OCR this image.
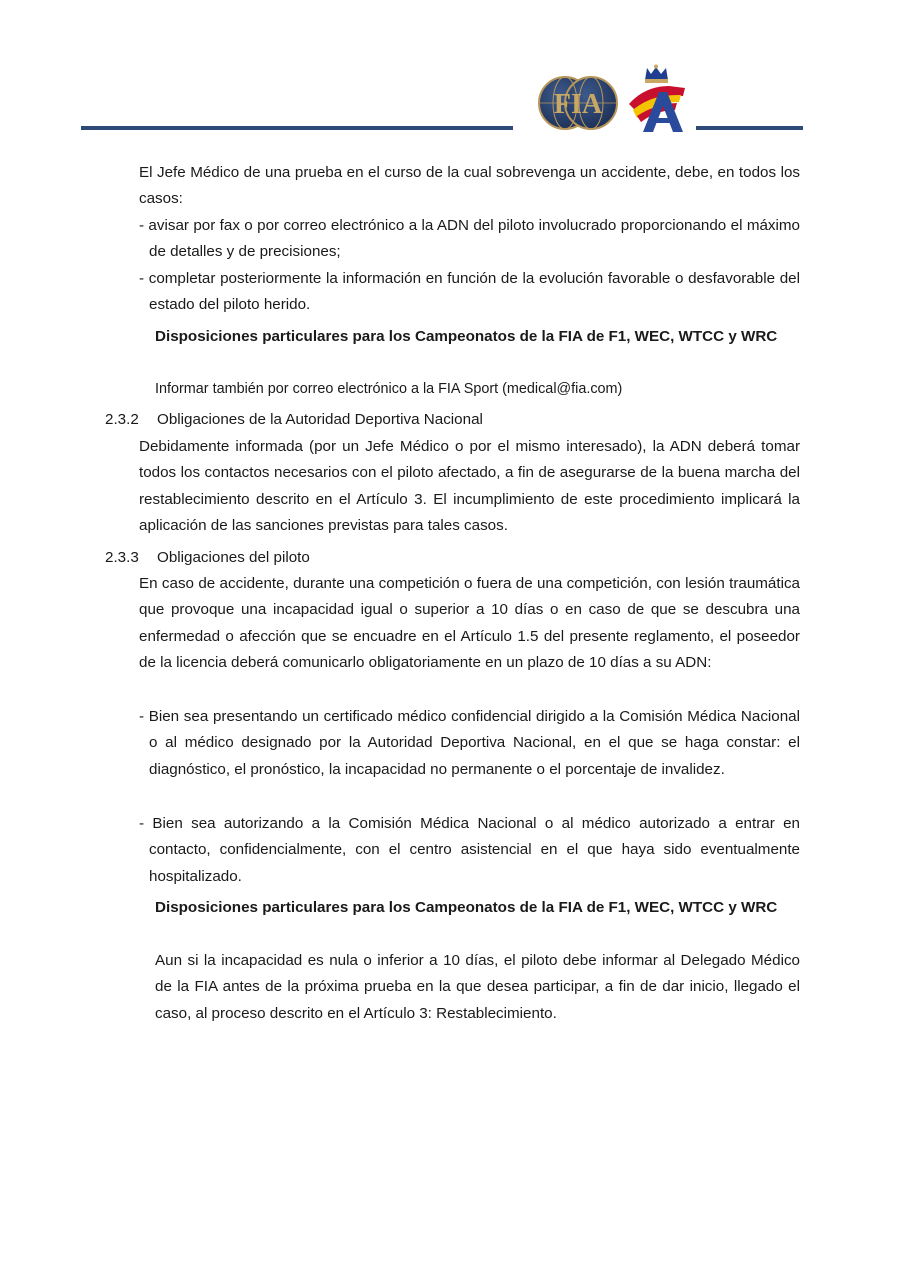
FIA
El Jefe Médico de una prueba en el curso de la cual sobrevenga un accidente, debe, en todos los casos:
- avisar por fax o por correo electrónico a la ADN del piloto involucrado proporcionando el máximo de detalles y de precisiones;
- completar posteriormente la información en función de la evolución favorable o desfavorable del estado del piloto herido.
Disposiciones particulares para los Campeonatos de la FIA de F1, WEC, WTCC y WRC
Informar también por correo electrónico a la FIA Sport (medical@fia.com)
2.3.2 Obligaciones de la Autoridad Deportiva Nacional
Debidamente informada (por un Jefe Médico o por el mismo interesado), la ADN deberá tomar todos los contactos necesarios con el piloto afectado, a fin de asegurarse de la buena marcha del restablecimiento descrito en el Artículo 3. El incumplimiento de este procedimiento implicará la aplicación de las sanciones previstas para tales casos.
2.3.3 Obligaciones del piloto
En caso de accidente, durante una competición o fuera de una competición, con lesión traumática que provoque una incapacidad igual o superior a 10 días o en caso de que se descubra una enfermedad o afección que se encuadre en el Artículo 1.5 del presente reglamento, el poseedor de la licencia deberá comunicarlo obligatoriamente en un plazo de 10 días a su ADN:
- Bien sea presentando un certificado médico confidencial dirigido a la Comisión Médica Nacional o al médico designado por la Autoridad Deportiva Nacional, en el que se haga constar: el diagnóstico, el pronóstico, la incapacidad no permanente o el porcentaje de invalidez.
- Bien sea autorizando a la Comisión Médica Nacional o al médico autorizado a entrar en contacto, confidencialmente, con el centro asistencial en el que haya sido eventualmente hospitalizado.
Disposiciones particulares para los Campeonatos de la FIA de F1, WEC, WTCC y WRC
Aun si la incapacidad es nula o inferior a 10 días, el piloto debe informar al Delegado Médico de la FIA antes de la próxima prueba en la que desea participar, a fin de dar inicio, llegado el caso, al proceso descrito en el Artículo 3: Restablecimiento.
